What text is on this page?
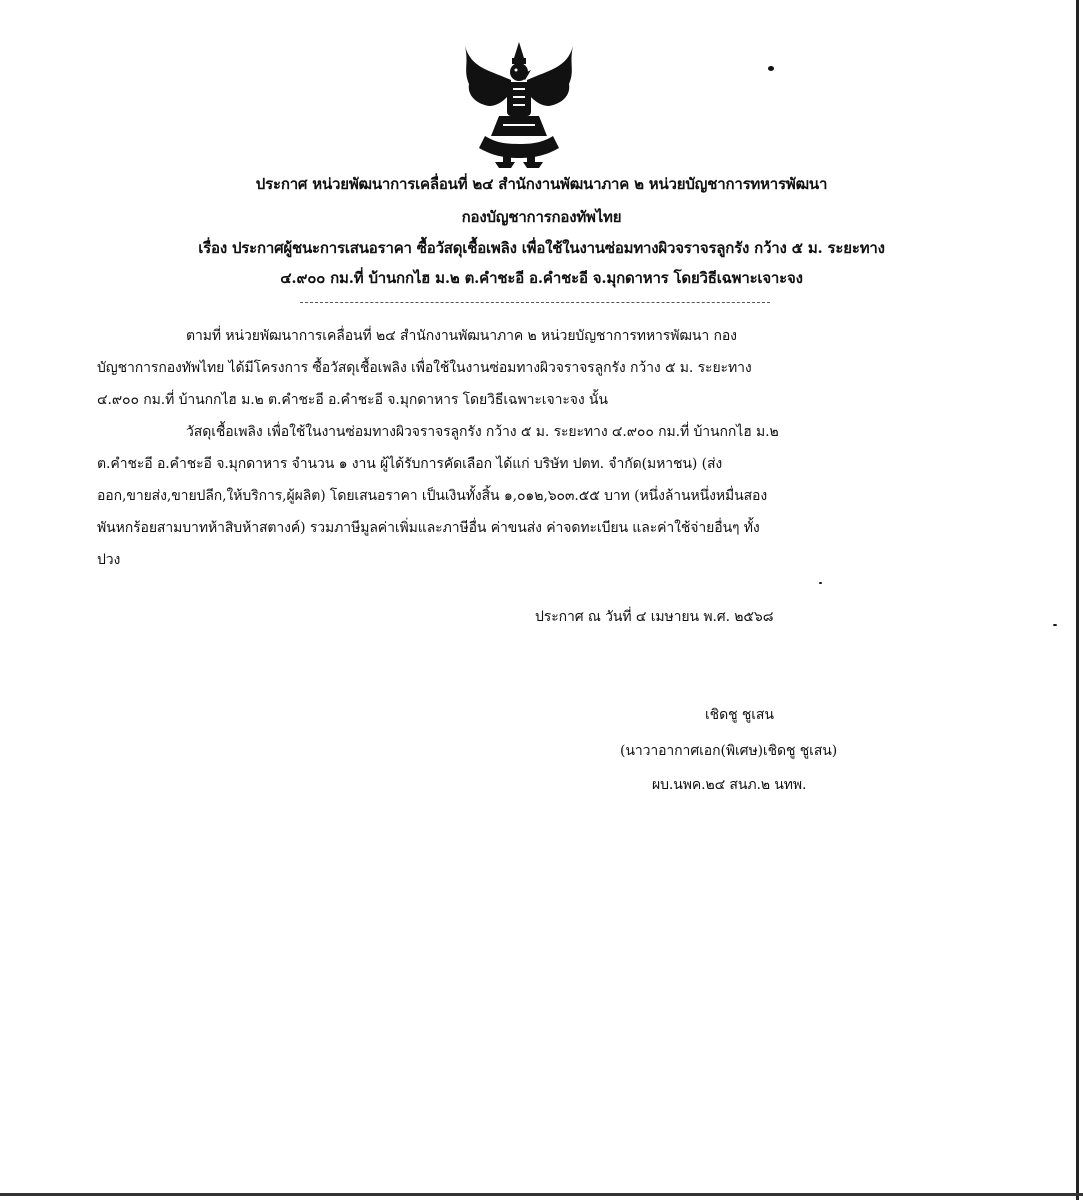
ประกาศ หน่วยพัฒนาการเคลื่อนที่ ๒๔ สำนักงานพัฒนาภาค ๒ หน่วยบัญชาการทหารพัฒนา
กองบัญชาการกองทัพไทย
เรื่อง ประกาศผู้ชนะการเสนอราคา ซื้อวัสดุเชื้อเพลิง เพื่อใช้ในงานซ่อมทางผิวจราจรลูกรัง กว้าง ๕ ม. ระยะทาง
๔.๙๐๐ กม.ที่ บ้านกกไฮ ม.๒ ต.คำชะอี อ.คำชะอี จ.มุกดาหาร โดยวิธีเฉพาะเจาะจง
ตามที่ หน่วยพัฒนาการเคลื่อนที่ ๒๔ สำนักงานพัฒนาภาค ๒ หน่วยบัญชาการทหารพัฒนา กอง
บัญชาการกองทัพไทย ได้มีโครงการ ซื้อวัสดุเชื้อเพลิง เพื่อใช้ในงานซ่อมทางผิวจราจรลูกรัง กว้าง ๕ ม. ระยะทาง
๔.๙๐๐ กม.ที่ บ้านกกไฮ ม.๒ ต.คำชะอี อ.คำชะอี จ.มุกดาหาร โดยวิธีเฉพาะเจาะจง นั้น
วัสดุเชื้อเพลิง เพื่อใช้ในงานซ่อมทางผิวจราจรลูกรัง กว้าง ๕ ม. ระยะทาง ๔.๙๐๐ กม.ที่ บ้านกกไฮ ม.๒
ต.คำชะอี อ.คำชะอี จ.มุกดาหาร จำนวน ๑ งาน ผู้ได้รับการคัดเลือก ได้แก่ บริษัท ปตท. จำกัด(มหาชน) (ส่ง
ออก,ขายส่ง,ขายปลีก,ให้บริการ,ผู้ผลิต) โดยเสนอราคา เป็นเงินทั้งสิ้น ๑,๐๑๒,๖๐๓.๕๕ บาท (หนึ่งล้านหนึ่งหมื่นสอง
พันหกร้อยสามบาทห้าสิบห้าสตางค์) รวมภาษีมูลค่าเพิ่มและภาษีอื่น ค่าขนส่ง ค่าจดทะเบียน และค่าใช้จ่ายอื่นๆ ทั้ง
ปวง
ประกาศ ณ วันที่ ๔ เมษายน พ.ศ. ๒๕๖๘
เชิดชู ชูเสน
(นาวาอากาศเอก(พิเศษ)เชิดชู ชูเสน)
ผบ.นพค.๒๔ สนภ.๒ นทพ.
